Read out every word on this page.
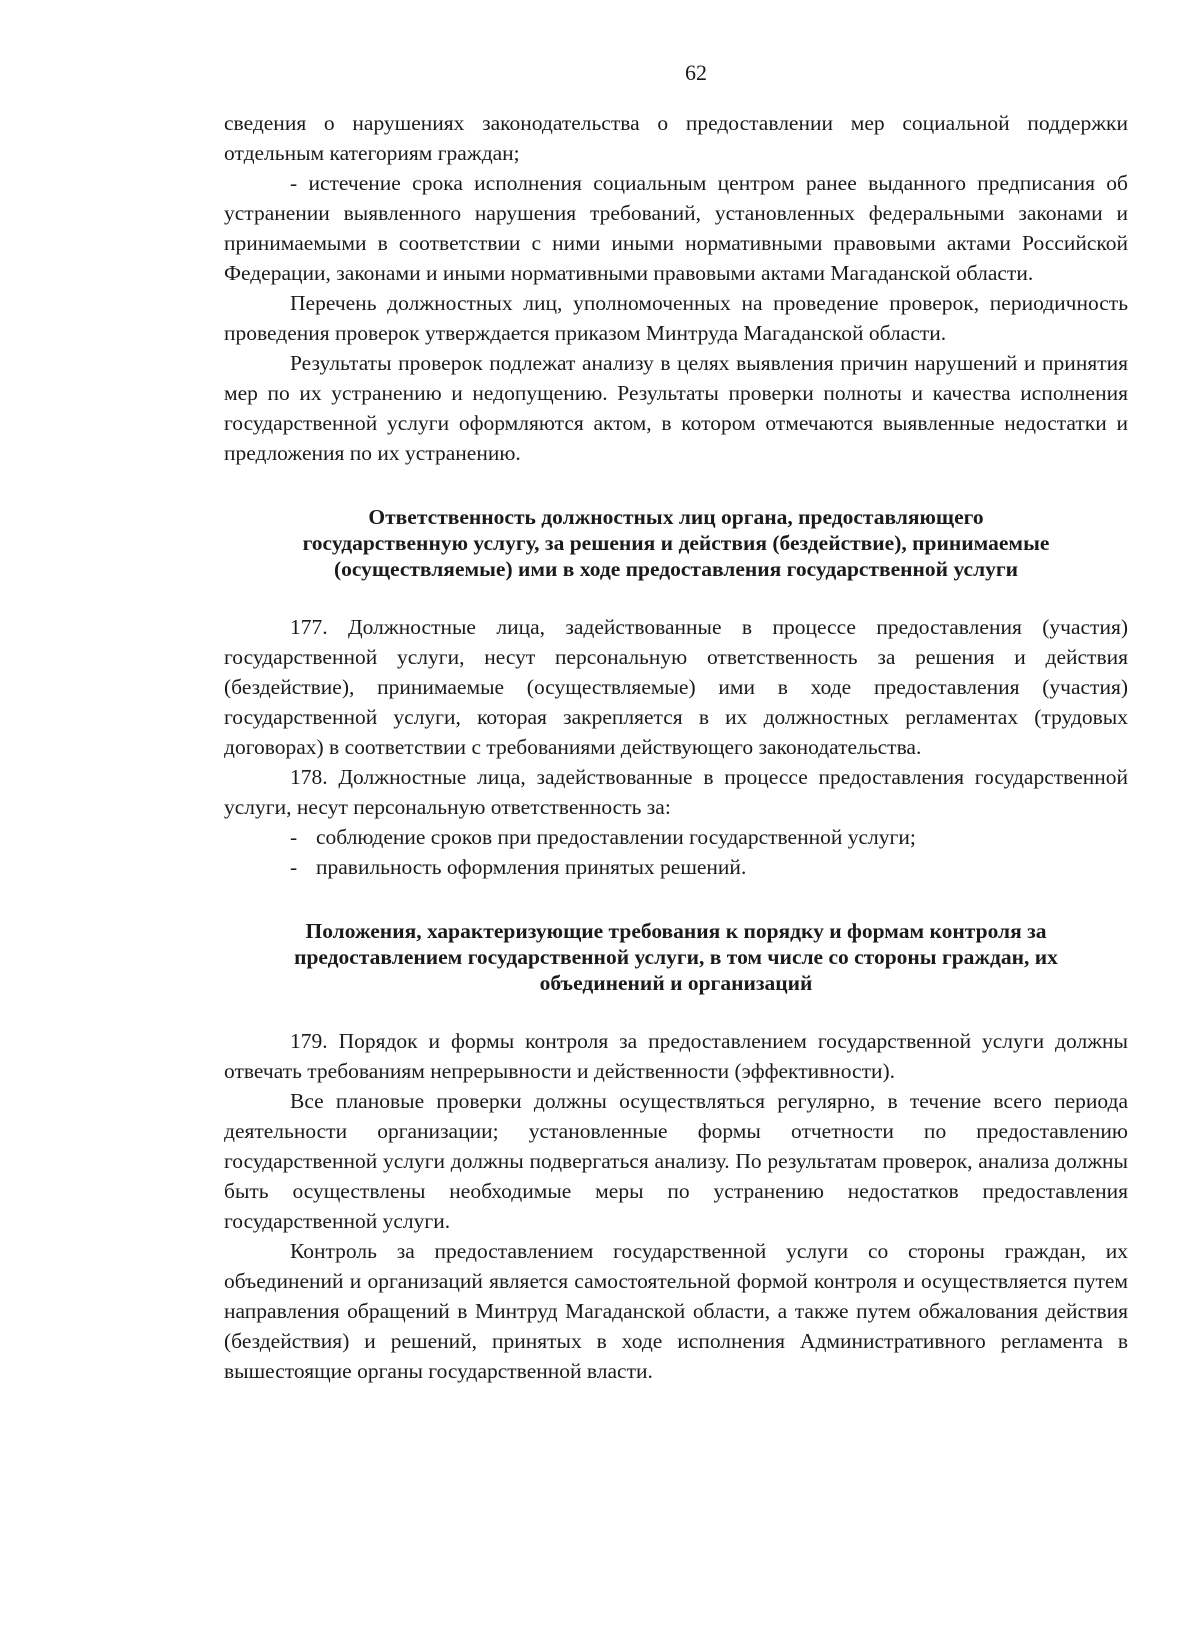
62

сведения о нарушениях законодательства о предоставлении мер социальной поддержки отдельным категориям граждан;

- истечение срока исполнения социальным центром ранее выданного предписания об устранении выявленного нарушения требований, установленных федеральными законами и принимаемыми в соответствии с ними иными нормативными правовыми актами Российской Федерации, законами и иными нормативными правовыми актами Магаданской области.

Перечень должностных лиц, уполномоченных на проведение проверок, периодичность проведения проверок утверждается приказом Минтруда Магаданской области.

Результаты проверок подлежат анализу в целях выявления причин нарушений и принятия мер по их устранению и недопущению. Результаты проверки полноты и качества исполнения государственной услуги оформляются актом, в котором отмечаются выявленные недостатки и предложения по их устранению.

Ответственность должностных лиц органа, предоставляющего
государственную услугу, за решения и действия (бездействие), принимаемые
(осуществляемые) ими в ходе предоставления государственной услуги

177. Должностные лица, задействованные в процессе предоставления (участия) государственной услуги, несут персональную ответственность за решения и действия (бездействие), принимаемые (осуществляемые) ими в ходе предоставления (участия) государственной услуги, которая закрепляется в их должностных регламентах (трудовых договорах) в соответствии с требованиями действующего законодательства.

178. Должностные лица, задействованные в процессе предоставления государственной услуги, несут персональную ответственность за:

- соблюдение сроков при предоставлении государственной услуги;

- правильность оформления принятых решений.

Положения, характеризующие требования к порядку и формам контроля за
предоставлением государственной услуги, в том числе со стороны граждан, их
объединений и организаций

179. Порядок и формы контроля за предоставлением государственной услуги должны отвечать требованиям непрерывности и действенности (эффективности).

Все плановые проверки должны осуществляться регулярно, в течение всего периода деятельности организации; установленные формы отчетности по предоставлению государственной услуги должны подвергаться анализу. По результатам проверок, анализа должны быть осуществлены необходимые меры по устранению недостатков предоставления государственной услуги.

Контроль за предоставлением государственной услуги со стороны граждан, их объединений и организаций является самостоятельной формой контроля и осуществляется путем направления обращений в Минтруд Магаданской области, а также путем обжалования действия (бездействия) и решений, принятых в ходе исполнения Административного регламента в вышестоящие органы государственной власти.
